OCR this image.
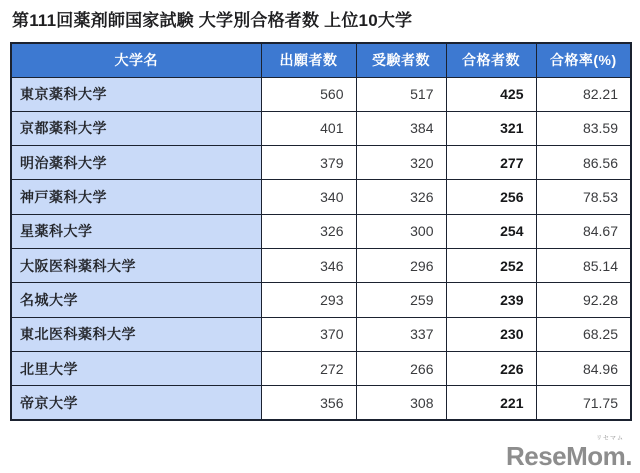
第111回薬剤師国家試験 大学別合格者数 上位10大学
大学名	出願者数	受験者数	合格者数	合格率(%)
東京薬科大学	560	517	425	82.21
京都薬科大学	401	384	321	83.59
明治薬科大学	379	320	277	86.56
神戸薬科大学	340	326	256	78.53
星薬科大学	326	300	254	84.67
大阪医科薬科大学	346	296	252	85.14
名城大学	293	259	239	92.28
東北医科薬科大学	370	337	230	68.25
北里大学	272	266	226	84.96
帝京大学	356	308	221	71.75
リセマム
ReseMom.
